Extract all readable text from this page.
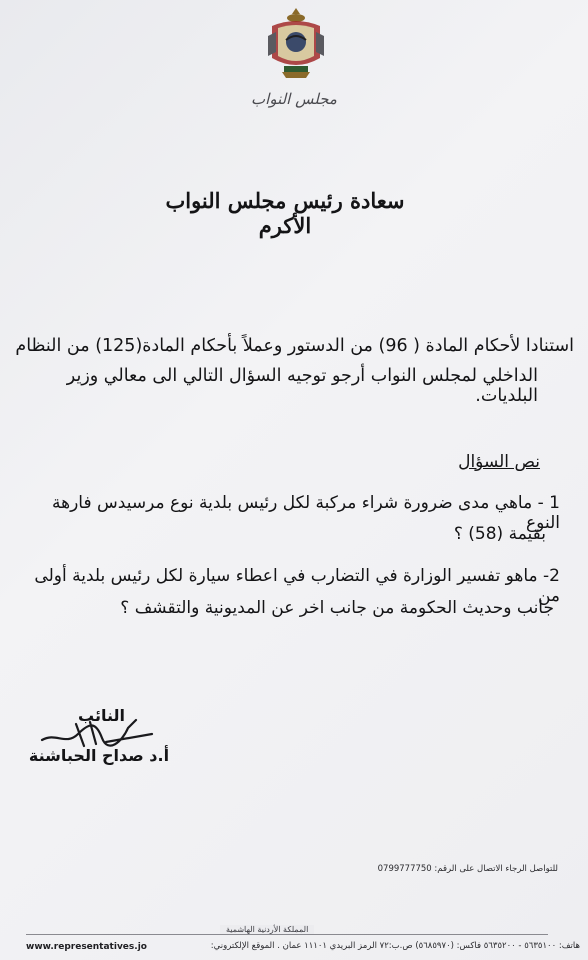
مجلس النواب
سعادة رئيس مجلس النواب الأكرم
استنادا لأحكام المادة ( 96) من الدستور وعملاً بأحكام المادة(125) من النظام
الداخلي لمجلس النواب أرجو توجيه السؤال التالي الى معالي وزير البلديات.
نص السؤال
1 - ماهي مدى ضرورة شراء مركبة لكل رئيس بلدية نوع مرسيدس فارهة النوع
بقيمة (58) ؟
2- ماهو تفسير الوزارة في التضارب في اعطاء سيارة لكل رئيس بلدية أولى من
جانب وحديث الحكومة من جانب اخر عن المديونية والتقشف ؟
النائب
أ.د صداح الحباشنة
للتواصل الرجاء الاتصال على الرقم: 0799777750
المملكة الأردنية الهاشمية
هاتف: ٥٦٣٥١٠٠ - ٥٦٣٥٢٠٠ فاكس: (٥٦٨٥٩٧٠) ص.ب:٧٢ الرمز البريدي ١١١٠١ عمان . الموقع الإلكتروني:
www.representatives.jo
